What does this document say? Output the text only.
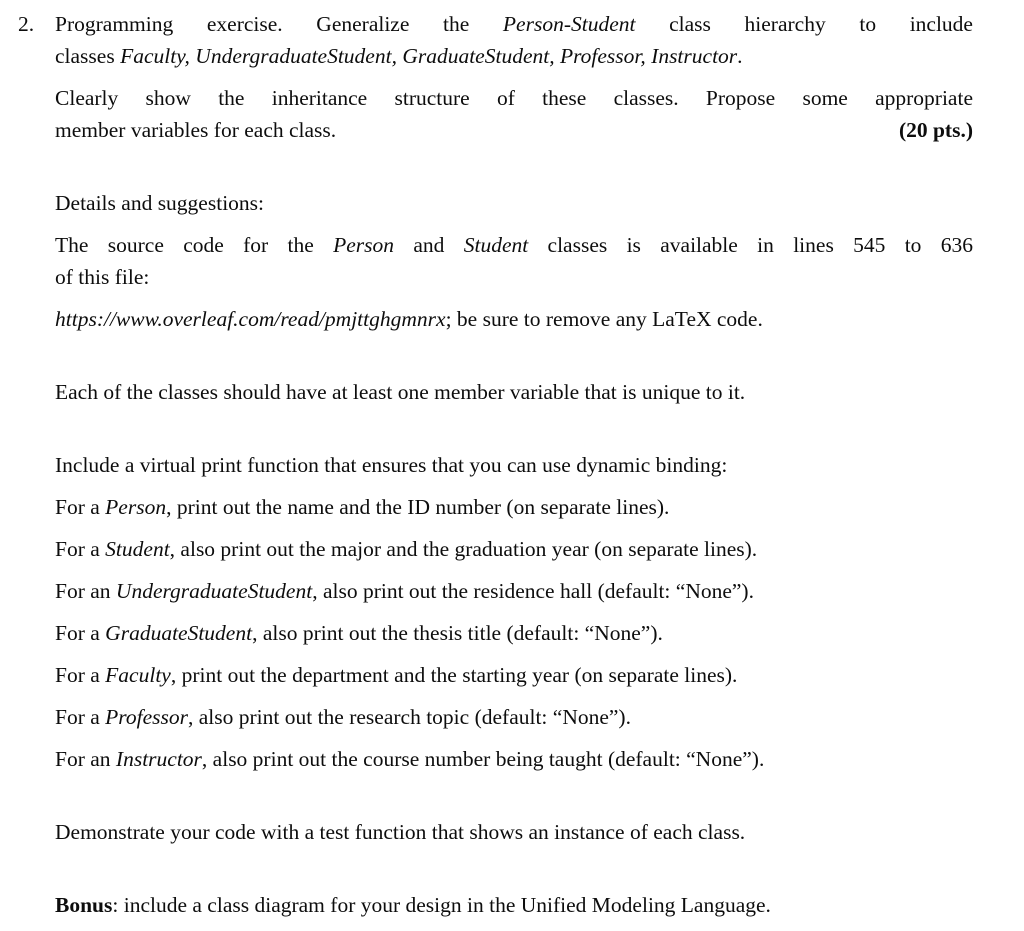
2. Programming exercise. Generalize the Person-Student class hierarchy to include
classes Faculty, UndergraduateStudent, GraduateStudent, Professor, Instructor.
Clearly show the inheritance structure of these classes. Propose some appropriate
member variables for each class.	(20 pts.)
Details and suggestions:
The source code for the Person and Student classes is available in lines 545 to 636
of this file:
https://www.overleaf.com/read/pmjttghgmnrx; be sure to remove any LaTeX code.
Each of the classes should have at least one member variable that is unique to it.
Include a virtual print function that ensures that you can use dynamic binding:
For a Person, print out the name and the ID number (on separate lines).
For a Student, also print out the major and the graduation year (on separate lines).
For an UndergraduateStudent, also print out the residence hall (default: “None”).
For a GraduateStudent, also print out the thesis title (default: “None”).
For a Faculty, print out the department and the starting year (on separate lines).
For a Professor, also print out the research topic (default: “None”).
For an Instructor, also print out the course number being taught (default: “None”).
Demonstrate your code with a test function that shows an instance of each class.
Bonus: include a class diagram for your design in the Unified Modeling Language.
